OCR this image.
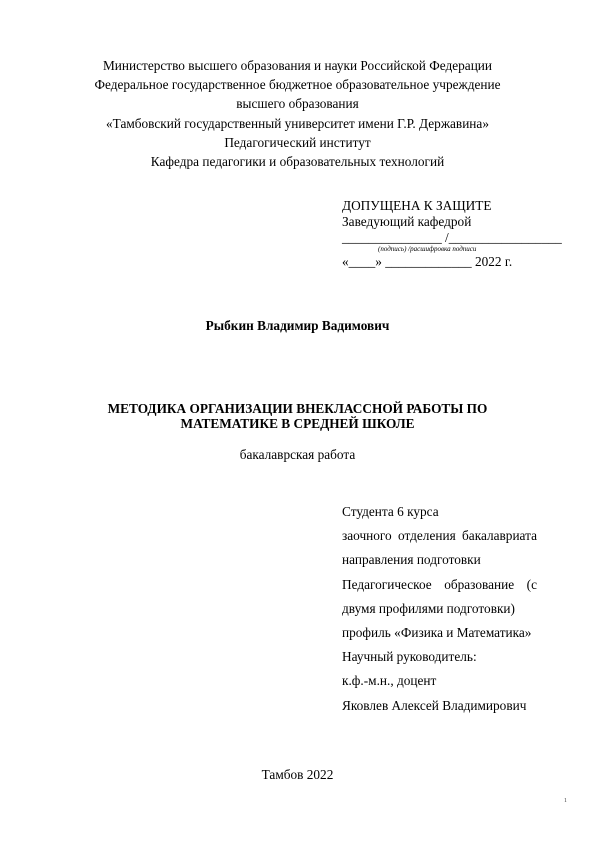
Министерство высшего образования и науки Российской Федерации
Федеральное государственное бюджетное образовательное учреждение
высшего образования
«Тамбовский государственный университет имени Г.Р. Державина»
Педагогический институт
Кафедра педагогики и образовательных технологий
ДОПУЩЕНА К ЗАЩИТЕ
Заведующий кафедрой
_______________ /_________________
(подпись) /расшифровка подписи
«____» _____________ 2022 г.
Рыбкин Владимир Вадимович
МЕТОДИКА ОРГАНИЗАЦИИ ВНЕКЛАССНОЙ РАБОТЫ ПО
МАТЕМАТИКЕ В СРЕДНЕЙ ШКОЛЕ
бакалаврская работа
Студента 6 курса
заочного отделения бакалавриата
направления подготовки
Педагогическое образование (с
двумя профилями подготовки)
профиль «Физика и Математика»
Научный руководитель:
к.ф.-м.н., доцент
Яковлев Алексей Владимирович
Тамбов 2022
1
